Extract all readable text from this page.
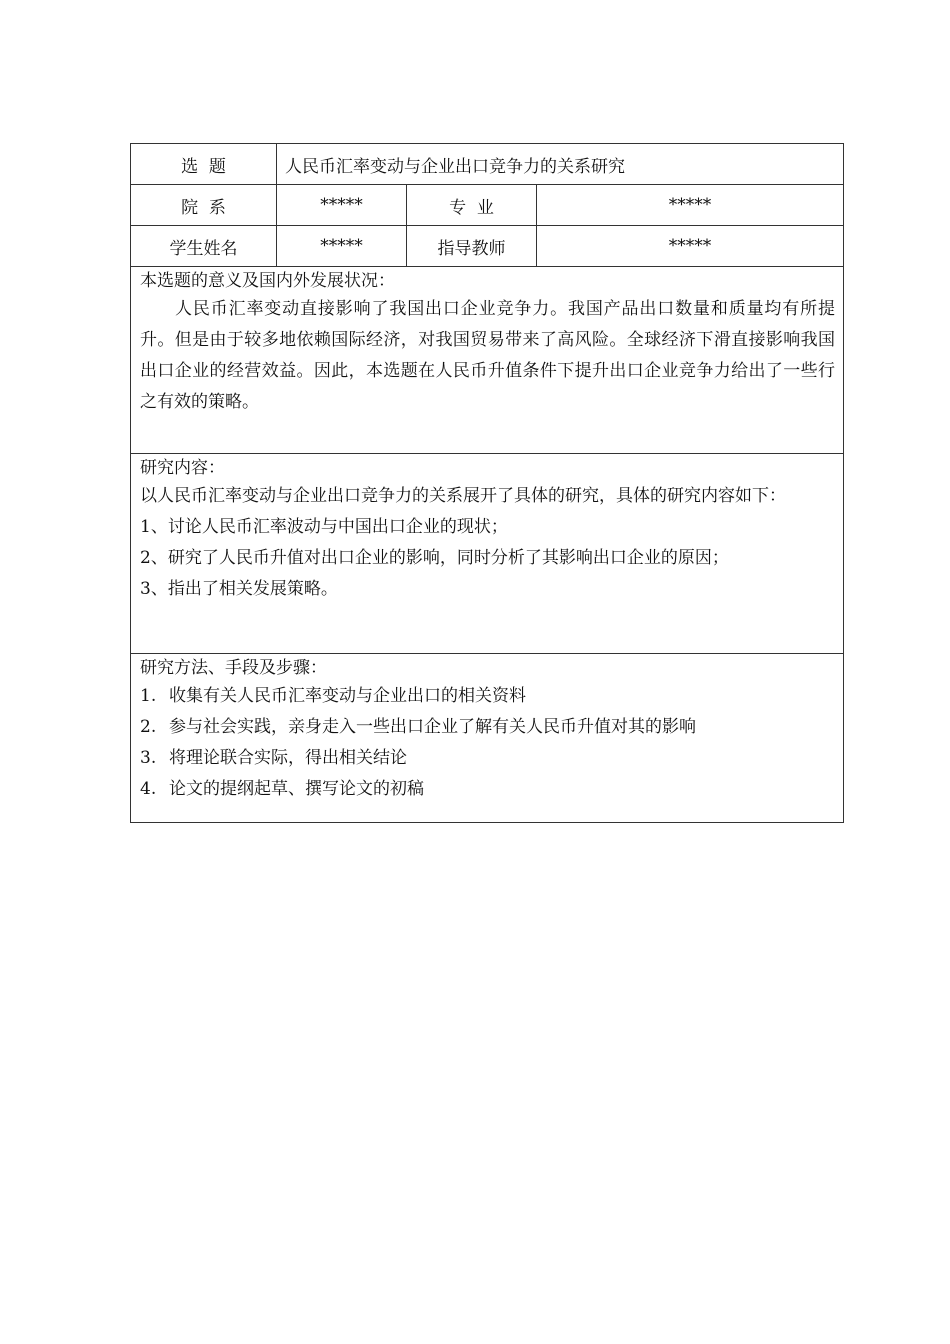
选  题	人民币汇率变动与企业出口竞争力的关系研究		
院  系	*****	专  业	*****
学生姓名	*****	指导教师	*****

本选题的意义及国内外发展状况：
人民币汇率变动直接影响了我国出口企业竞争力。我国产品出口数量和质量均有所提升。但是由于较多地依赖国际经济，对我国贸易带来了高风险。全球经济下滑直接影响我国出口企业的经营效益。因此，本选题在人民币升值条件下提升出口企业竞争力给出了一些行之有效的策略。			

研究内容：
以人民币汇率变动与企业出口竞争力的关系展开了具体的研究，具体的研究内容如下：
1、讨论人民币汇率波动与中国出口企业的现状；
2、研究了人民币升值对出口企业的影响，同时分析了其影响出口企业的原因；
3、指出了相关发展策略。			

研究方法、手段及步骤：
1. 收集有关人民币汇率变动与企业出口的相关资料
2. 参与社会实践，亲身走入一些出口企业了解有关人民币升值对其的影响
3. 将理论联合实际，得出相关结论
4. 论文的提纲起草、撰写论文的初稿			
